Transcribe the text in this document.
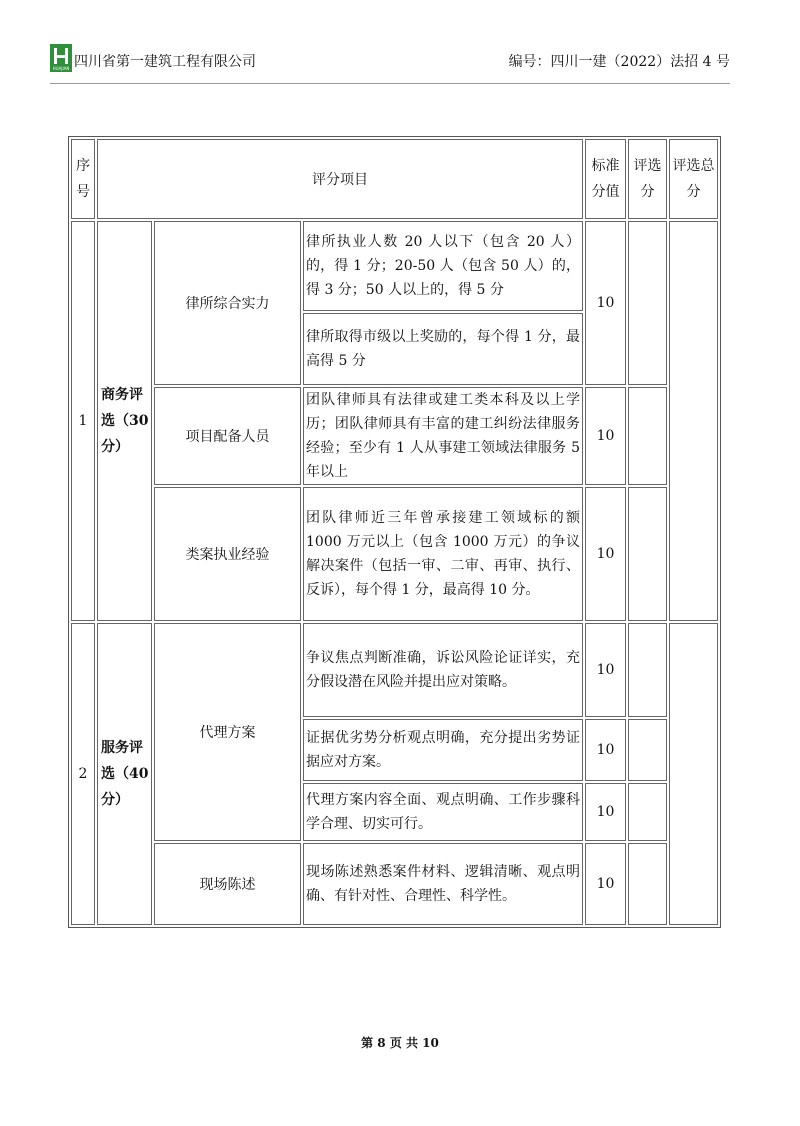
HUAJIAN 四川省第一建筑工程有限公司	编号：四川一建（2022）法招 4 号
序号	评分项目			标准分值	评选分	评选总分
1	商务评选（30分）	律所综合实力	律所执业人数 20 人以下（包含 20 人）的，得 1 分；20-50 人（包含 50 人）的，得 3 分；50 人以上的，得 5 分	10		
			律所取得市级以上奖励的，每个得 1 分，最高得 5 分			
		项目配备人员	团队律师具有法律或建工类本科及以上学历；团队律师具有丰富的建工纠纷法律服务经验；至少有 1 人从事建工领域法律服务 5 年以上	10		
		类案执业经验	团队律师近三年曾承接建工领域标的额 1000 万元以上（包含 1000 万元）的争议解决案件（包括一审、二审、再审、执行、反诉），每个得 1 分，最高得 10 分。	10		
2	服务评选（40分）	代理方案	争议焦点判断准确，诉讼风险论证详实，充分假设潜在风险并提出应对策略。	10		
			证据优劣势分析观点明确，充分提出劣势证据应对方案。	10		
			代理方案内容全面、观点明确、工作步骤科学合理、切实可行。	10		
		现场陈述	现场陈述熟悉案件材料、逻辑清晰、观点明确、有针对性、合理性、科学性。	10		
第 8 页 共 10
